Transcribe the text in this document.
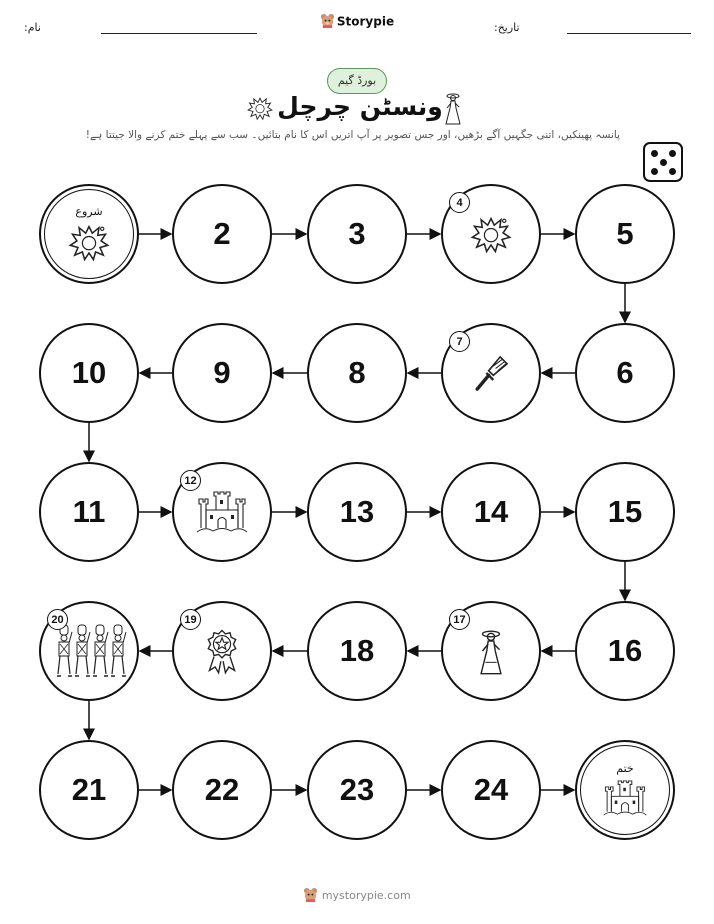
نام:	Storypie	تاریخ:
بورڈ گیم
ونسٹن چرچل
پانسہ پھینکیں، اتنی جگہیں آگے بڑھیں، اور جس تصویر پر آپ اتریں اس کا نام بتائیں۔ سب سے پہلے ختم کرنے والا جیتتا ہے!
شروع
2	3
4
5
6
7
8
9
10
11
12
13	14	15
16
17
18
19
20
21	22	23	24
ختم
mystorypie.com
